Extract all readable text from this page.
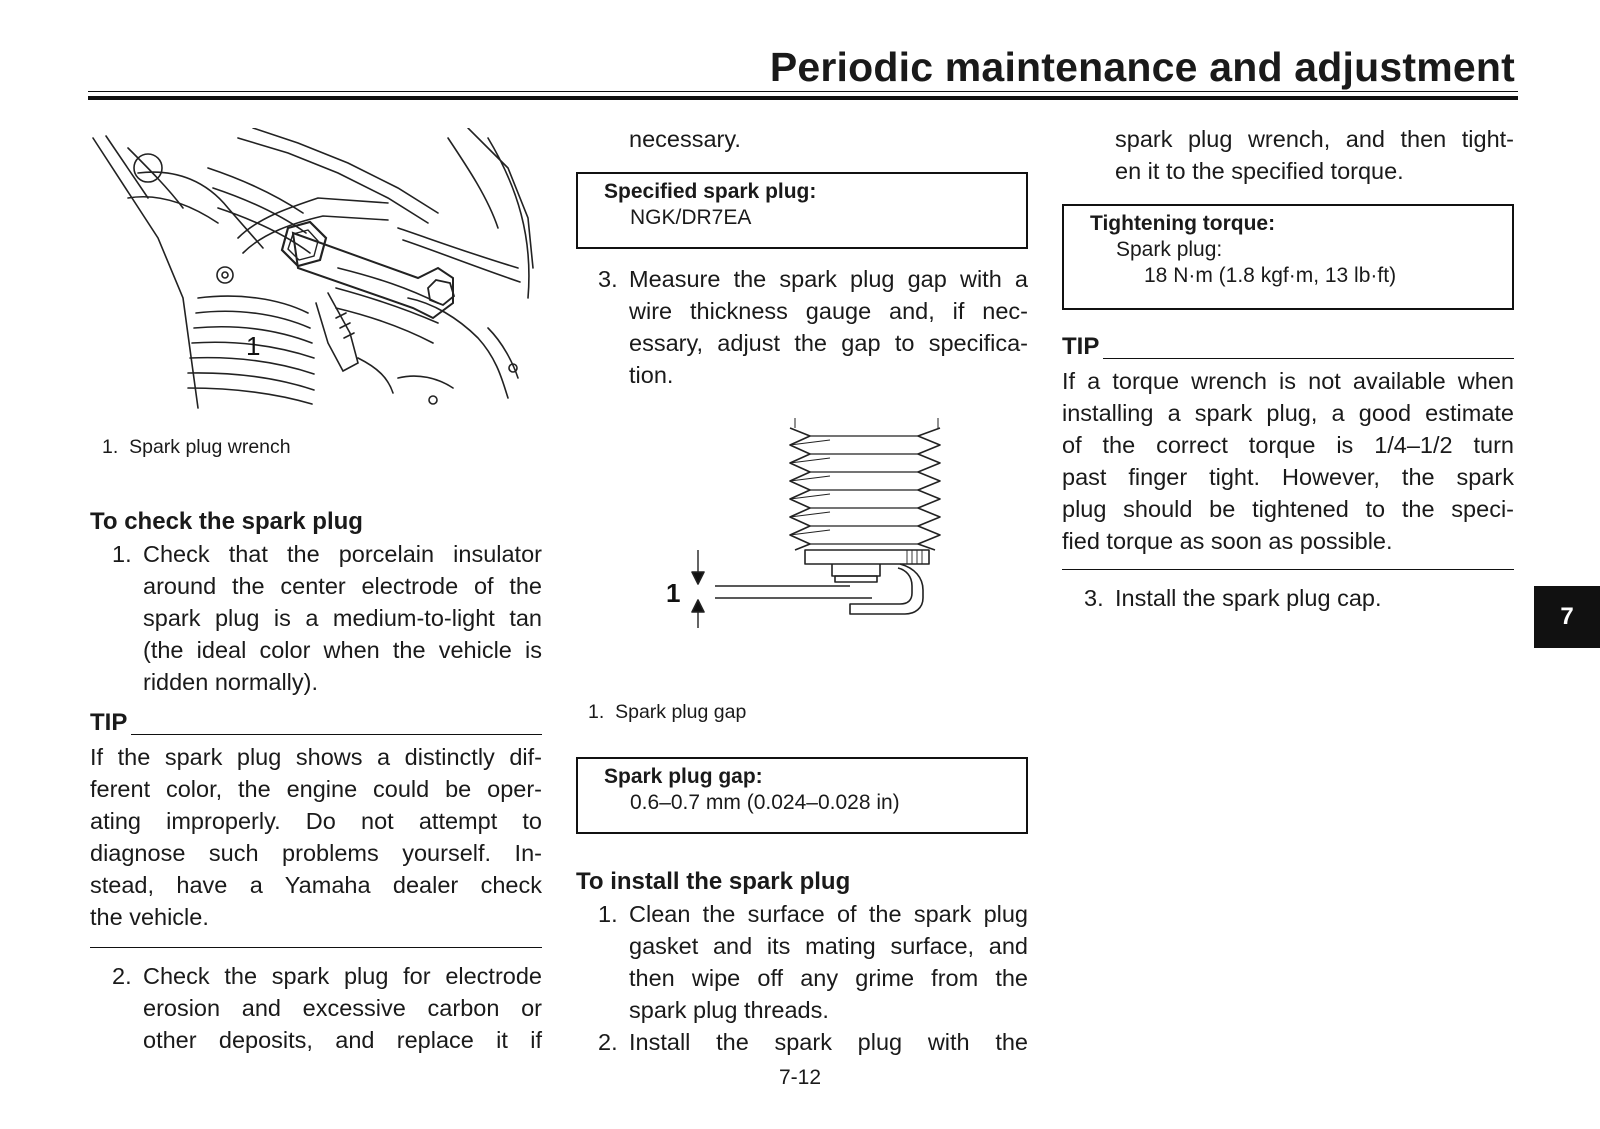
Periodic maintenance and adjustment
1
1. Spark plug wrench
To check the spark plug
1. Check that the porcelain insulator
around the center electrode of the
spark plug is a medium-to-light tan
(the ideal color when the vehicle is
ridden normally).
TIP
If the spark plug shows a distinctly dif-
ferent color, the engine could be oper-
ating improperly. Do not attempt to
diagnose such problems yourself. In-
stead, have a Yamaha dealer check
the vehicle.
2. Check the spark plug for electrode
erosion and excessive carbon or
other deposits, and replace it if
necessary.
Specified spark plug:
NGK/DR7EA
3. Measure the spark plug gap with a
wire thickness gauge and, if nec-
essary, adjust the gap to specifica-
tion.
1
1. Spark plug gap
Spark plug gap:
0.6–0.7 mm (0.024–0.028 in)
To install the spark plug
1. Clean the surface of the spark plug
gasket and its mating surface, and
then wipe off any grime from the
spark plug threads.
2. Install the spark plug with the
spark plug wrench, and then tight-
en it to the specified torque.
Tightening torque:
Spark plug:
18 N·m (1.8 kgf·m, 13 lb·ft)
TIP
If a torque wrench is not available when
installing a spark plug, a good estimate
of the correct torque is 1/4–1/2 turn
past finger tight. However, the spark
plug should be tightened to the speci-
fied torque as soon as possible.
3. Install the spark plug cap.
7
7-12
